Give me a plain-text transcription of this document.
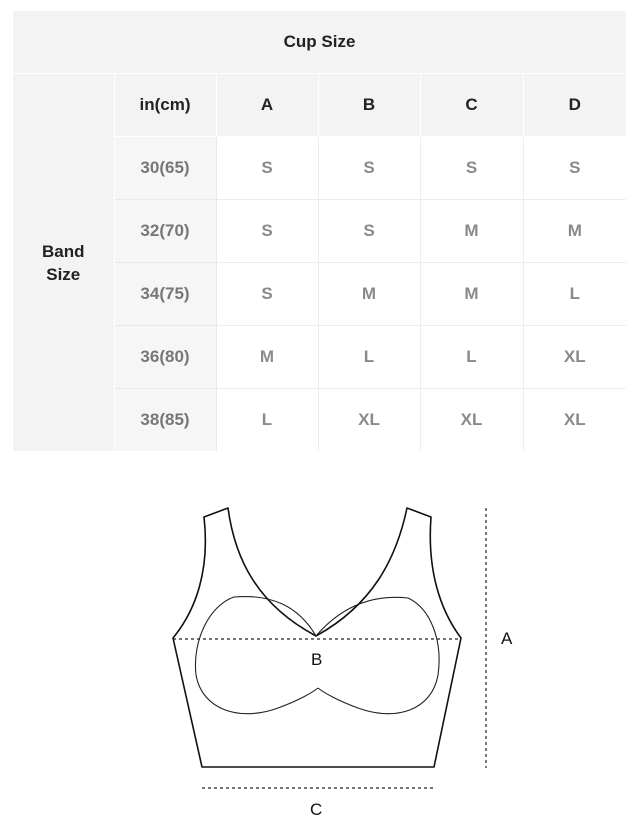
Cup Size					
Band
Size	in(cm)	A	B	C	D
	30(65)	S	S	S	S
	32(70)	S	S	M	M
	34(75)	S	M	M	L
	36(80)	M	L	L	XL
	38(85)	L	XL	XL	XL
B
A
C
